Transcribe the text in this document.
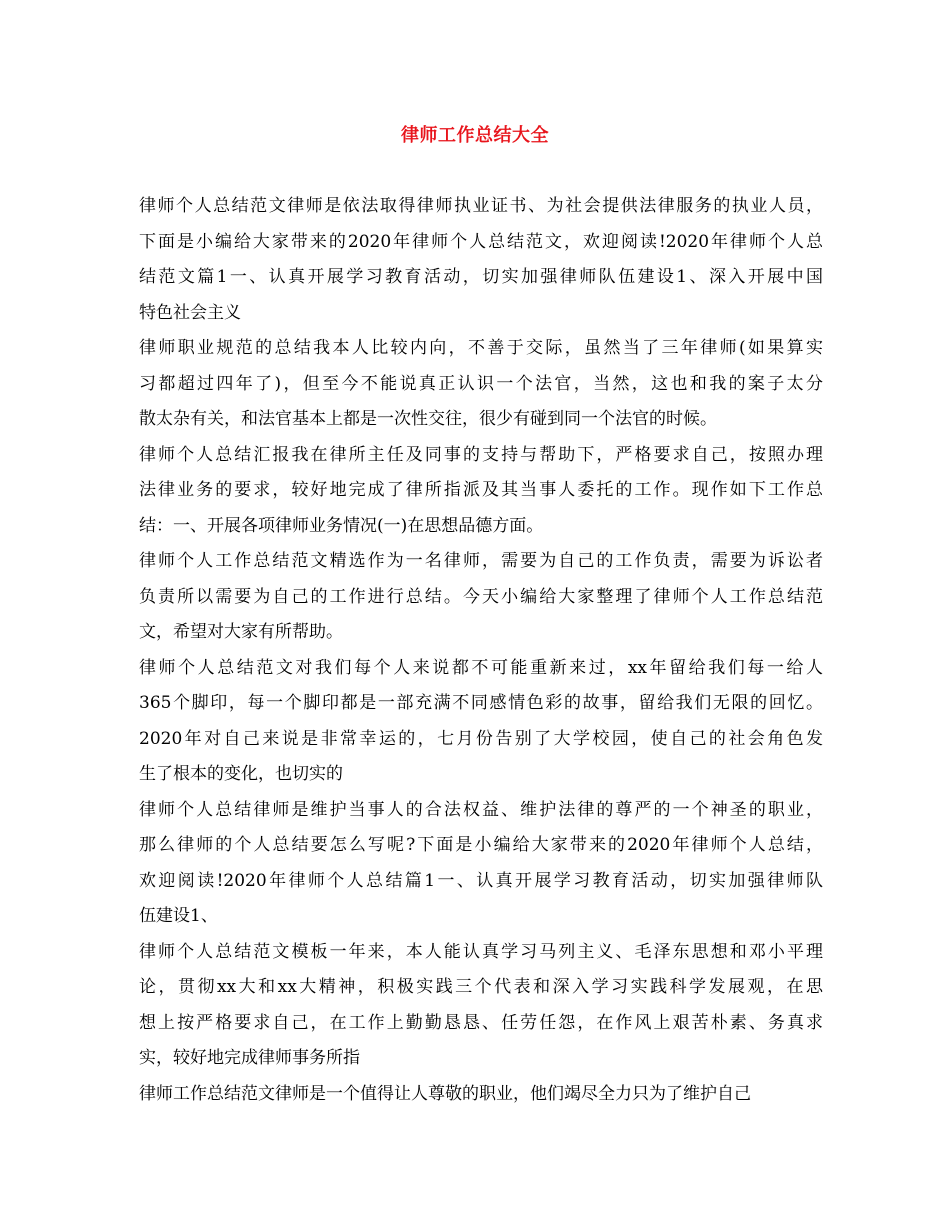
律师工作总结大全
律师个人总结范文律师是依法取得律师执业证书、为社会提供法律服务的执业人员，
下面是小编给大家带来的2020年律师个人总结范文，欢迎阅读!2020年律师个人总
结范文篇1一、认真开展学习教育活动，切实加强律师队伍建设1、深入开展中国
特色社会主义
律师职业规范的总结我本人比较内向，不善于交际，虽然当了三年律师(如果算实
习都超过四年了)，但至今不能说真正认识一个法官，当然，这也和我的案子太分
散太杂有关，和法官基本上都是一次性交往，很少有碰到同一个法官的时候。
律师个人总结汇报我在律所主任及同事的支持与帮助下，严格要求自己，按照办理
法律业务的要求，较好地完成了律所指派及其当事人委托的工作。现作如下工作总
结：一、开展各项律师业务情况(一)在思想品德方面。
律师个人工作总结范文精选作为一名律师，需要为自己的工作负责，需要为诉讼者
负责所以需要为自己的工作进行总结。今天小编给大家整理了律师个人工作总结范
文，希望对大家有所帮助。
律师个人总结范文对我们每个人来说都不可能重新来过，xx年留给我们每一给人
365个脚印，每一个脚印都是一部充满不同感情色彩的故事，留给我们无限的回忆。
2020年对自己来说是非常幸运的，七月份告别了大学校园，使自己的社会角色发
生了根本的变化，也切实的
律师个人总结律师是维护当事人的合法权益、维护法律的尊严的一个神圣的职业，
那么律师的个人总结要怎么写呢?下面是小编给大家带来的2020年律师个人总结，
欢迎阅读!2020年律师个人总结篇1一、认真开展学习教育活动，切实加强律师队
伍建设1、
律师个人总结范文模板一年来，本人能认真学习马列主义、毛泽东思想和邓小平理
论，贯彻xx大和xx大精神，积极实践三个代表和深入学习实践科学发展观，在思
想上按严格要求自己，在工作上勤勤恳恳、任劳任怨，在作风上艰苦朴素、务真求
实，较好地完成律师事务所指
律师工作总结范文律师是一个值得让人尊敬的职业，他们竭尽全力只为了维护自己
